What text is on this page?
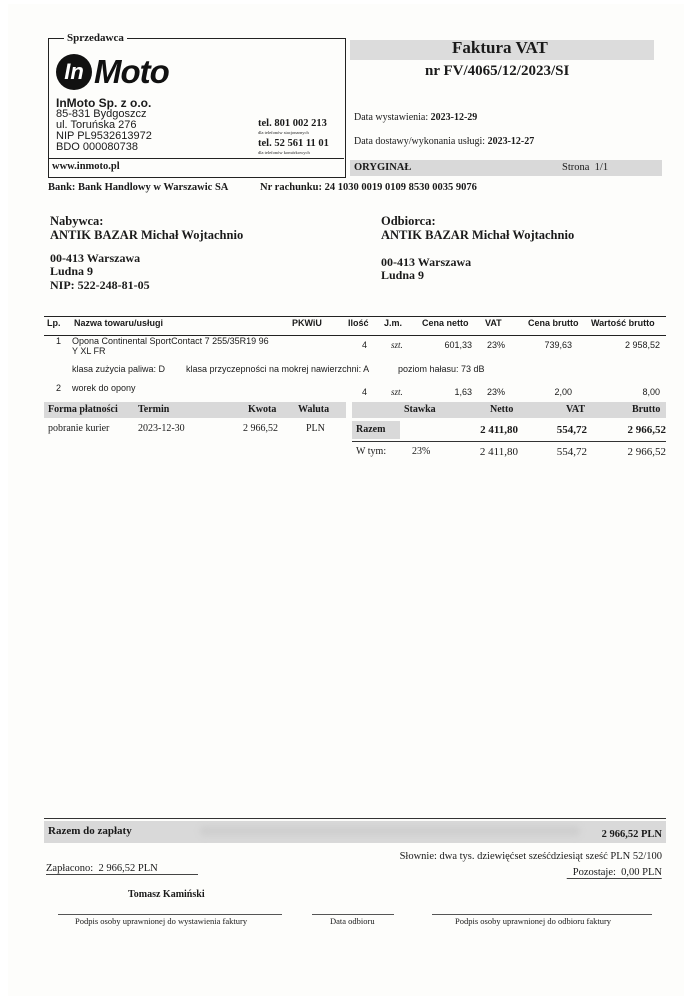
Sprzedawca
In Moto
InMoto Sp. z o.o.
85-831 Bydgoszcz
ul. Toruńska 276
NIP PL9532613972
BDO 000080738
tel. 801 002 213
dla telefonów stacjonarnych
tel. 52 561 11 01
dla telefonów komórkowych
www.inmoto.pl
Faktura VAT
nr FV/4065/12/2023/SI
Data wystawienia: 2023-12-29
Data dostawy/wykonania usługi: 2023-12-27
ORYGINAŁ	Strona 1/1
Bank: Bank Handlowy w Warszawic SA	Nr rachunku: 24 1030 0019 0109 8530 0035 9076
Nabywca:
ANTIK BAZAR Michał Wojtachnio
00-413 Warszawa
Ludna 9
NIP: 522-248-81-05
Odbiorca:
ANTIK BAZAR Michał Wojtachnio
00-413 Warszawa
Ludna 9
Lp. Nazwa towaru/usługi	PKWiU	Ilość J.m. Cena netto VAT	Cena brutto Wartość brutto
1 Opona Continental SportContact 7 255/35R19 96
Y XL FR
4	szt.	601,33 23%	739,63	2 958,52
klasa zużycia paliwa: D klasa przyczepności na mokrej nawierzchni: A	poziom hałasu: 73 dB
2 worek do opony	4	szt.	1,63 23%	2,00	8,00
Forma płatności Termin	Kwota Waluta	Stawka	Netto	VAT	Brutto
pobranie kurier	2023-12-30	2 966,52	PLN	Razem	2 411,80	554,72	2 966,52
W tym:	23%	2 411,80	554,72	2 966,52
Razem do zapłaty	2 966,52 PLN
Słownie: dwa tys. dziewięćset sześćdziesiąt sześć PLN 52/100
Zapłacono: 2 966,52 PLN	Pozostaje: 0,00 PLN
Tomasz Kamiński
Podpis osoby uprawnionej do wystawienia faktury	Data odbioru	Podpis osoby uprawnionej do odbioru faktury
